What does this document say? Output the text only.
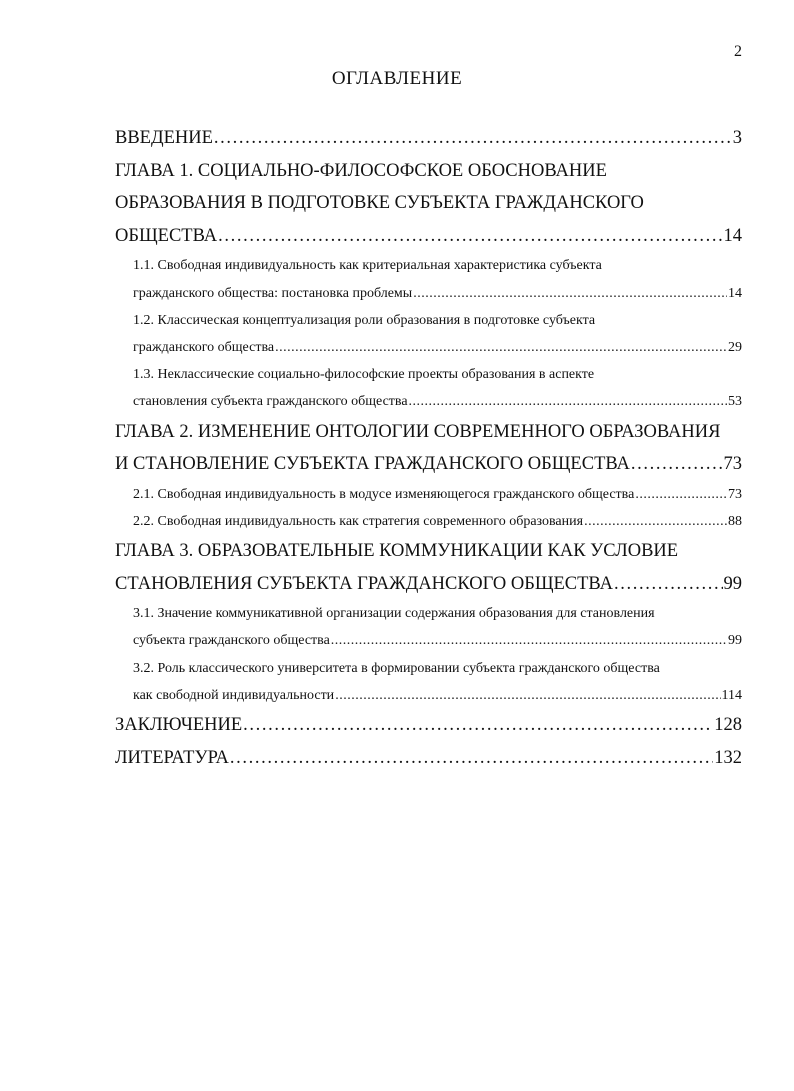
2
ОГЛАВЛЕНИЕ
ВВЕДЕНИЕ . . .	3
ГЛАВА 1. СОЦИАЛЬНО-ФИЛОСОФСКОЕ ОБОСНОВАНИЕ
ОБРАЗОВАНИЯ В ПОДГОТОВКЕ СУБЪЕКТА ГРАЖДАНСКОГО
ОБЩЕСТВА . . .	14
1.1. Свободная индивидуальность как критериальная характеристика субъекта
гражданского общества: постановка проблемы . . .	14
1.2. Классическая концептуализация роли образования в подготовке субъекта
гражданского общества . . .	29
1.3. Неклассические социально-философские проекты образования в аспекте
становления субъекта гражданского общества . . .	53
ГЛАВА 2. ИЗМЕНЕНИЕ ОНТОЛОГИИ СОВРЕМЕННОГО ОБРАЗОВАНИЯ
И СТАНОВЛЕНИЕ СУБЪЕКТА ГРАЖДАНСКОГО ОБЩЕСТВА . . .	73
2.1. Свободная индивидуальность в модусе изменяющегося гражданского общества . . .	73
2.2. Свободная индивидуальность как стратегия современного образования . . .	88
ГЛАВА 3. ОБРАЗОВАТЕЛЬНЫЕ КОММУНИКАЦИИ КАК УСЛОВИЕ
СТАНОВЛЕНИЯ СУБЪЕКТА ГРАЖДАНСКОГО ОБЩЕСТВА . . .	99
3.1. Значение коммуникативной организации содержания образования для становления
субъекта гражданского общества . . .	99
3.2. Роль классического университета в формировании субъекта гражданского общества
как свободной индивидуальности . . .	114
ЗАКЛЮЧЕНИЕ . . .	128
ЛИТЕРАТУРА . . .	132
